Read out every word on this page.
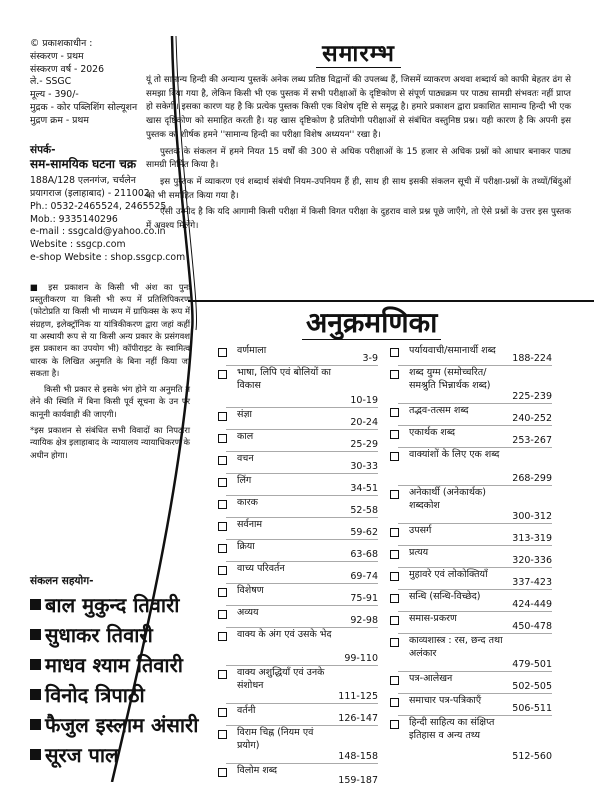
© प्रकाशकाधीन :
संस्करण - प्रथम
संस्करण वर्ष - 2026
ले.- SSGC
मूल्य - 390/-
मुद्रक - कोर पब्लिशिंग सोल्यूशन
मुद्रण क्रम - प्रथम
संपर्क-
सम-सामयिक घटना चक्र
188A/128 एलनगंज, चर्चलेन
प्रयागराज (इलाहाबाद) - 211002
Ph.: 0532-2465524, 2465525
Mob.: 9335140296
e-mail : ssgcald@yahoo.co.in
Website : ssgcp.com
e-shop Website : shop.ssgcp.com

■ इस प्रकाशन के किसी भी अंश का पुनः प्रस्तुतीकरण या किसी भी रूप में प्रतिलिपिकरण (फोटोप्रति या किसी भी माध्यम में ग्राफिक्स के रूप में संग्रहण, इलेक्ट्रॉनिक या यांत्रिकीकरण द्वारा जहां कहीं या अस्थायी रूप से या किसी अन्य प्रकार के प्रसंगवश इस प्रकाशन का उपयोग भी) कॉपीराइट के स्वामित्व धारक के लिखित अनुमति के बिना नहीं किया जा सकता है।

किसी भी प्रकार से इसके भंग होने या अनुमति न लेने की स्थिति में बिना किसी पूर्व सूचना के उन पर कानूनी कार्यवाही की जाएगी।

*इस प्रकाशन से संबंधित सभी विवादों का निपटारा न्यायिक क्षेत्र इलाहाबाद के न्यायालय न्यायाधिकरण के अधीन होगा।

संकलन सहयोग-
बाल मुकुन्द तिवारी
सुधाकर तिवारी
माधव श्याम तिवारी
विनोद त्रिपाठी
फैजुल इस्लाम अंसारी
सूरज पाल
समारम्भ

यूं तो सामान्य हिन्दी की अन्यान्य पुस्तकें अनेक लब्ध प्रतिष्ठ विद्वानों की उपलब्ध हैं, जिसमें व्याकरण अथवा शब्दार्थ को काफी बेहतर ढंग से समझा दिया गया है, लेकिन किसी भी एक पुस्तक में सभी परीक्षाओं के दृष्टिकोण से संपूर्ण पाठ्यक्रम पर पाठ्य सामग्री संभवतः नहीं प्राप्त हो सकेगी। इसका कारण यह है कि प्रत्येक पुस्तक किसी एक विशेष दृष्टि से समृद्ध है। हमारे प्रकाशन द्वारा प्रकाशित सामान्य हिन्दी भी एक खास दृष्टिकोण को समाहित करती है। यह खास दृष्टिकोण है प्रतियोगी परीक्षाओं से संबंधित वस्तुनिष्ठ प्रश्न। यही कारण है कि अपनी इस पुस्तक का शीर्षक हमने ''सामान्य हिन्दी का परीक्षा विशेष अध्ययन'' रखा है।

पुस्तक के संकलन में हमने नियत 15 वर्षों की 300 से अधिक परीक्षाओं के 15 हजार से अधिक प्रश्नों को आधार बनाकर पाठ्य सामग्री निर्मित किया है।

इस पुस्तक में व्याकरण एवं शब्दार्थ संबंधी नियम-उपनियम हैं ही, साथ ही साथ इसकी संकलन सूची में परीक्षा-प्रश्नों के तथ्यों/बिंदुओं को भी समाहित किया गया है।

ऐसी उम्मीद है कि यदि आगामी किसी परीक्षा में किसी विगत परीक्षा के दुहराव वाले प्रश्न पूछे जाएँगे, तो ऐसे प्रश्नों के उत्तर इस पुस्तक में अवश्य मिलेंगे।

अनुक्रमणिका
वर्णमाला
3-9
भाषा, लिपि एवं बोलियों का विकास
10-19
संज्ञा
20-24
काल
25-29
वचन
30-33
लिंग
34-51
कारक
52-58
सर्वनाम
59-62
क्रिया
63-68
वाच्य परिवर्तन
69-74
विशेषण
75-91
अव्यय
92-98
वाक्य के अंग एवं उसके भेद
99-110
वाक्य अशुद्धियाँ एवं उनके संशोधन
111-125
वर्तनी
126-147
विराम चिह्न (नियम एवं प्रयोग)
148-158
विलोम शब्द
159-187
पर्यायवाची/समानार्थी शब्द
188-224
शब्द युग्म (समोच्चरित/समश्रुति भिन्नार्थक शब्द)
225-239
तद्भव-तत्सम शब्द
240-252
एकार्थक शब्द
253-267
वाक्यांशों के लिए एक शब्द
268-299
अनेकार्थी (अनेकार्थक) शब्दकोश
300-312
उपसर्ग
313-319
प्रत्यय
320-336
मुहावरे एवं लोकोक्तियाँ
337-423
सन्धि (सन्धि-विच्छेद)
424-449
समास-प्रकरण
450-478
काव्यशास्त्र : रस, छन्द तथा अलंकार
479-501
पत्र-आलेखन
502-505
समाचार पत्र-पत्रिकाएँ
506-511
हिन्दी साहित्य का संक्षिप्त इतिहास व अन्य तथ्य
512-560
